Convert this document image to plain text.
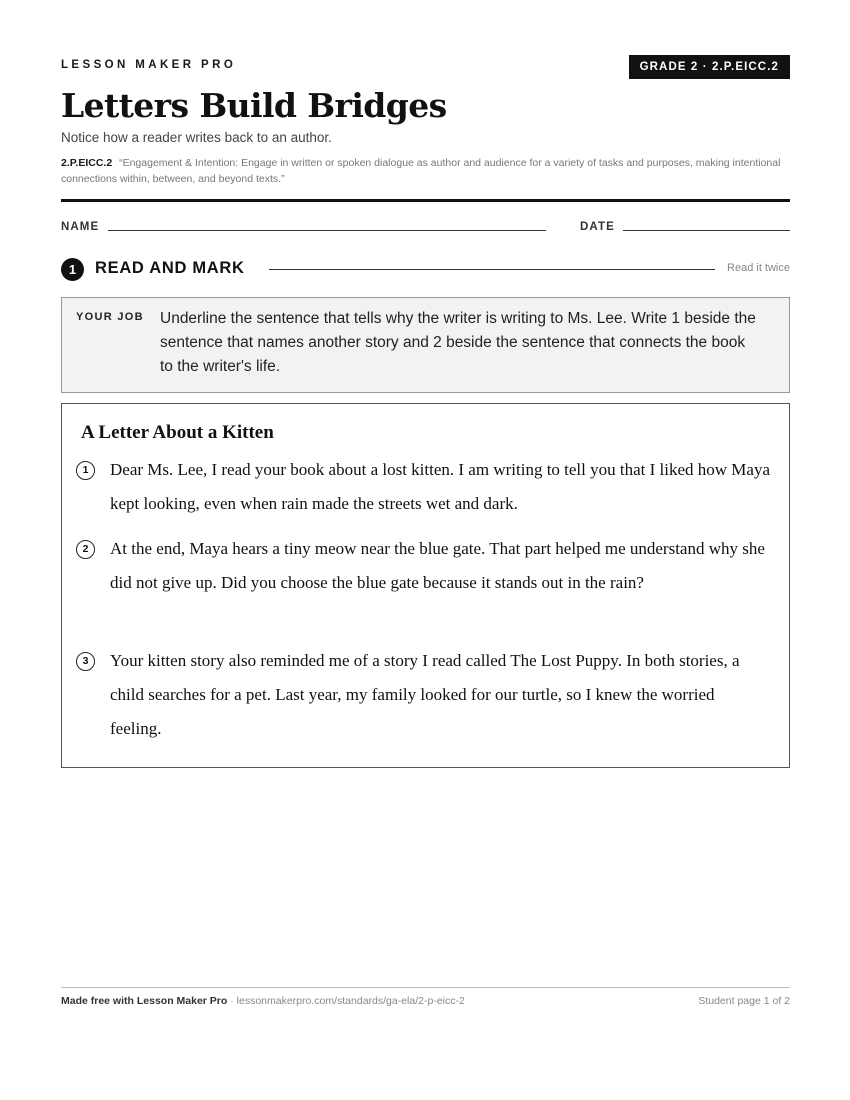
LESSON MAKER PRO	GRADE 2 · 2.P.EICC.2
Letters Build Bridges
Notice how a reader writes back to an author.
2.P.EICC.2 “Engagement & Intention: Engage in written or spoken dialogue as author and audience for a variety of tasks and purposes, making intentional connections within, between, and beyond texts.”
NAME	DATE
1	READ AND MARK	Read it twice
YOUR JOB Underline the sentence that tells why the writer is writing to Ms. Lee. Write 1 beside the sentence that names another story and 2 beside the sentence that connects the book to the writer's life.
A Letter About a Kitten
1	Dear Ms. Lee, I read your book about a lost kitten. I am writing to tell you that I liked how Maya kept looking, even when rain made the streets wet and dark.
2	At the end, Maya hears a tiny meow near the blue gate. That part helped me understand why she did not give up. Did you choose the blue gate because it stands out in the rain?
3	Your kitten story also reminded me of a story I read called The Lost Puppy. In both stories, a child searches for a pet. Last year, my family looked for our turtle, so I knew the worried feeling.
Made free with Lesson Maker Pro · lessonmakerpro.com/standards/ga-ela/2-p-eicc-2	Student page 1 of 2
